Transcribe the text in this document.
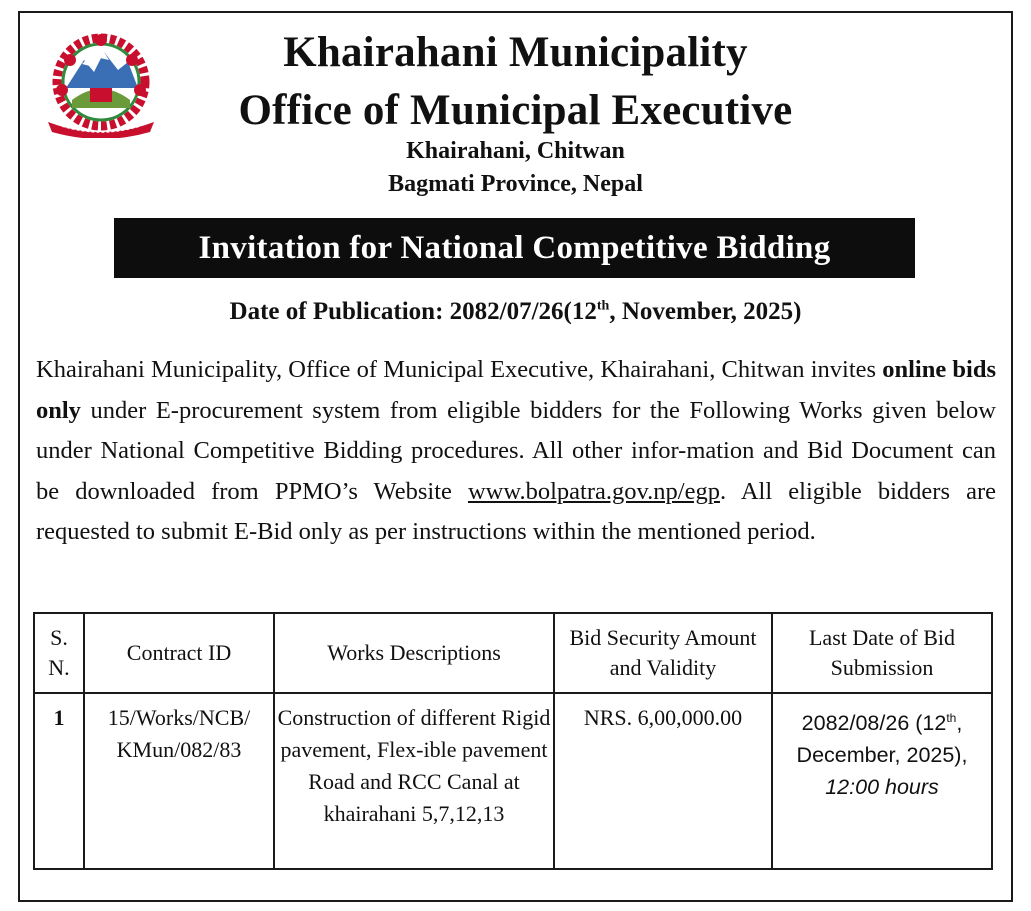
Khairahani Municipality
Office of Municipal Executive
Khairahani, Chitwan
Bagmati Province, Nepal
Invitation for National Competitive Bidding
Date of Publication: 2082/07/26(12th, November, 2025)
Khairahani Municipality, Office of Municipal Executive, Khairahani, Chitwan invites online bids only under E-procurement system from eligible bidders for the Following Works given below under National Competitive Bidding procedures. All other infor-mation and Bid Document can be downloaded from PPMO’s Website www.bolpatra.gov.np/egp. All eligible bidders are requested to submit E-Bid only as per instructions within the mentioned period.
S. N.	Contract ID	Works Descriptions	Bid Security Amount and Validity	Last Date of Bid Submission
1	15/Works/NCB/ KMun/082/83	Construction of different Rigid pavement, Flex-ible pavement Road and RCC Canal at khairahani 5,7,12,13	NRS. 6,00,000.00	2082/08/26 (12th, December, 2025),
12:00 hours
